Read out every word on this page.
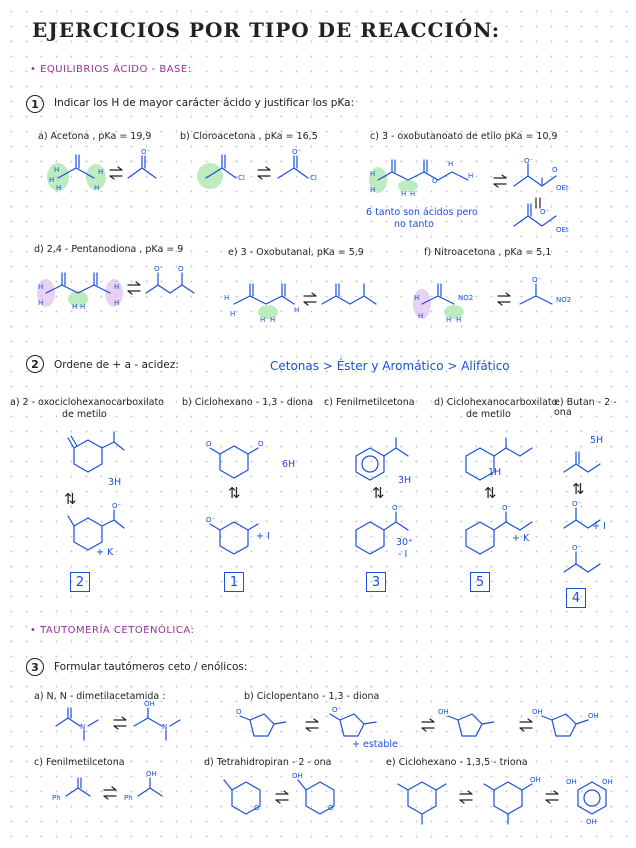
EJERCICIOS POR TIPO DE REACCIÓN:
• EQUILIBRIOS ÁCIDO - BASE:
1	Indicar los H de mayor carácter ácido y justificar los pKa:
a) Acetona , pKa = 19,9	b) Cloroacetona , pKa = 16,5	c) 3 - oxobutanoato de etilo pKa = 10,9
H
H
H
H
H
O⁻
Cl
O⁻
Cl	H
H	H H
O
H
H
O⁻
O
OEt
O⁻
OEt
6 tanto son ácidos pero
no tanto
d) 2,4 - Pentanodiona , pKa = 9	e) 3 - Oxobutanal, pKa = 5,9	f) Nitroacetona , pKa = 5,1
H
H	H H
H
H
O⁻ O
H
H
H H
H
H
H	H H
NO2
O⁻
NO2
2	Ordene de + a - acidez:	Cetonas > Éster y Aromático > Alifático
a) 2 - oxociclohexanocarboxilato
de metilo
b) Ciclohexano - 1,3 - diona c) Fenilmetilcetona d) Ciclohexanocarboxilato
de metilo
e) Butan - 2 - ona
3H
O	O
6H
3H
1H
5H
⇅	⇅	⇅	⇅	⇅
O⁻
+ K
O⁻
+ I
O⁻
30⁺
- I
O⁻
+ K
O⁻
O⁻
+ I
2	1	3	5
4
• TAUTOMERÍA CETOENÓLICA:
3	Formular tautómeros ceto / enólicos:
a) N, N - dimetilacetamida :	b) Ciclopentano - 1,3 - diona
N
OH
N
O	O⁻	OH	OH	OH
+ estable
c) Fenilmetilcetona	d) Tetrahidropiran - 2 - ona	e) Ciclohexano - 1,3,5 - triona
Ph	Ph
OH
O
OH
O
OH	OH	OH
OH
